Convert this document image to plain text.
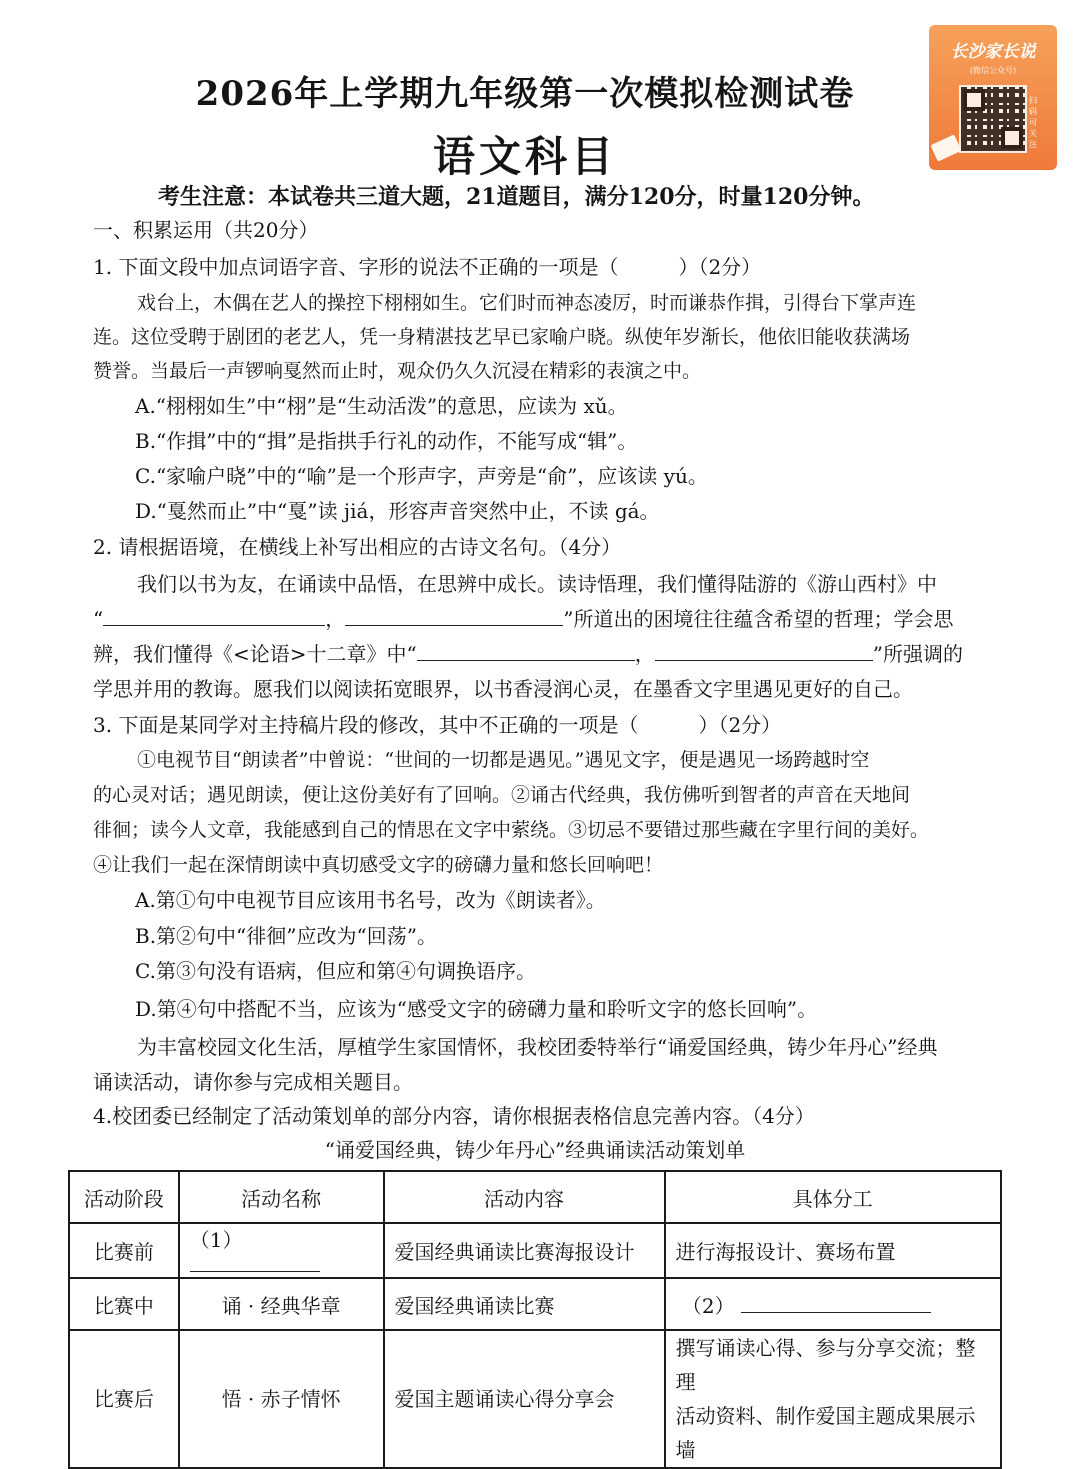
2026年上学期九年级第一次模拟检测试卷
语文科目
考生注意：本试卷共三道大题，21道题目，满分120分，时量120分钟。
长沙家长说
(微信公众号)
扫码可关注
一、积累运用（共20分）
1. 下面文段中加点词语字音、字形的说法不正确的一项是（　　　）（2分）
戏台上，木偶在艺人的操控下栩栩如生。它们时而神态凌厉，时而谦恭作揖，引得台下掌声连
连。这位受聘于剧团的老艺人，凭一身精湛技艺早已家喻户晓。纵使年岁渐长，他依旧能收获满场
赞誉。当最后一声锣响戛然而止时，观众仍久久沉浸在精彩的表演之中。
A.“栩栩如生”中“栩”是“生动活泼”的意思，应读为 xǔ。
B.“作揖”中的“揖”是指拱手行礼的动作，不能写成“辑”。
C.“家喻户晓”中的“喻”是一个形声字，声旁是“俞”，应该读 yú。
D.“戛然而止”中“戛”读 jiá，形容声音突然中止，不读 gá。
2. 请根据语境，在横线上补写出相应的古诗文名句。（4分）
我们以书为友，在诵读中品悟，在思辨中成长。读诗悟理，我们懂得陆游的《游山西村》中
“	，	”所道出的困境往往蕴含希望的哲理；学会思
辨，我们懂得《<论语>十二章》中“	，	”所强调的
学思并用的教诲。愿我们以阅读拓宽眼界，以书香浸润心灵，在墨香文字里遇见更好的自己。
3. 下面是某同学对主持稿片段的修改，其中不正确的一项是（　　　）（2分）
①电视节目“朗读者”中曾说：“世间的一切都是遇见。”遇见文字，便是遇见一场跨越时空
的心灵对话；遇见朗读，便让这份美好有了回响。②诵古代经典，我仿佛听到智者的声音在天地间
徘徊；读今人文章，我能感到自己的情思在文字中萦绕。③切忌不要错过那些藏在字里行间的美好。
④让我们一起在深情朗读中真切感受文字的磅礴力量和悠长回响吧！
A.第①句中电视节目应该用书名号，改为《朗读者》。
B.第②句中“徘徊”应改为“回荡”。
C.第③句没有语病，但应和第④句调换语序。
D.第④句中搭配不当，应该为“感受文字的磅礴力量和聆听文字的悠长回响”。
为丰富校园文化生活，厚植学生家国情怀，我校团委特举行“诵爱国经典，铸少年丹心”经典
诵读活动，请你参与完成相关题目。
4.校团委已经制定了活动策划单的部分内容，请你根据表格信息完善内容。（4分）
“诵爱国经典，铸少年丹心”经典诵读活动策划单
活动阶段	活动名称	活动内容	具体分工
比赛前	（1）	爱国经典诵读比赛海报设计	进行海报设计、赛场布置
比赛中	诵 · 经典华章	爱国经典诵读比赛	（2）
比赛后	悟 · 赤子情怀	爱国主题诵读心得分享会	撰写诵读心得、参与分享交流；整理
活动资料、制作爱国主题成果展示墙
